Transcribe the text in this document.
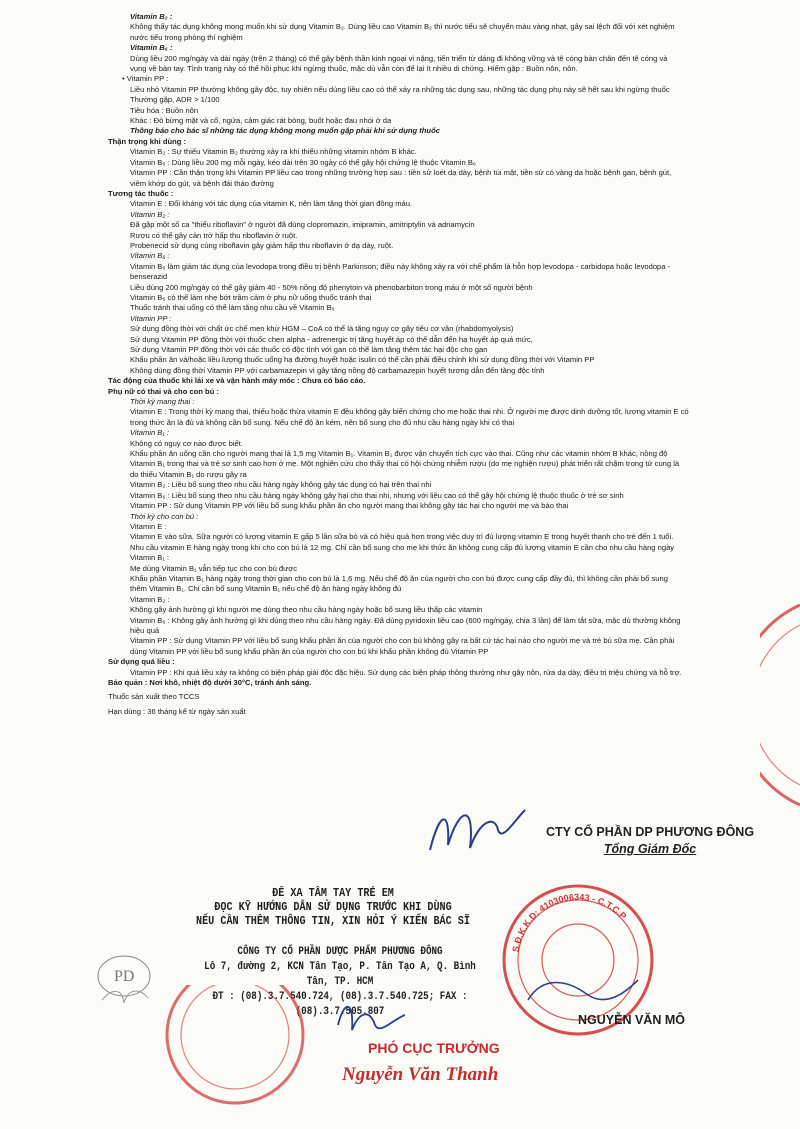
Vitamin B₂ :

Không thấy tác dụng không mong muốn khi sử dụng Vitamin B₂. Dùng liều cao Vitamin B₂ thì nước tiểu sẽ chuyển màu vàng nhạt, gây sai lệch đối với xét nghiệm

nước tiểu trong phòng thí nghiệm

Vitamin B₆ :

Dùng liều 200 mg/ngày và dài ngày (trên 2 tháng) có thể gây bệnh thần kinh ngoại vi nặng, tiến triển từ dáng đi không vững và tê cóng bàn chân đến tê cóng và

vụng về bàn tay. Tình trạng này có thể hồi phục khi ngừng thuốc, mặc dù vẫn còn để lại ít nhiều di chứng. Hiếm gặp : Buồn nôn, nôn.

• Vitamin PP :

Liều nhỏ Vitamin PP thường không gây độc, tuy nhiên nếu dùng liều cao có thể xảy ra những tác dụng sau, những tác dụng phụ này sẽ hết sau khi ngừng thuốc

Thường gặp, ADR > 1/100

Tiêu hóa : Buồn nôn

Khác : Đỏ bừng mặt và cổ, ngứa, cảm giác rát bỏng, buốt hoặc đau nhói ở da

Thông báo cho bác sĩ những tác dụng không mong muốn gặp phải khi sử dụng thuốc

Thận trọng khi dùng :

Vitamin B₂ : Sự thiếu Vitamin B₂ thường xảy ra khi thiếu những vitamin nhóm B khác.

Vitamin B₆ : Dùng liều 200 mg mỗi ngày, kéo dài trên 30 ngày có thể gây hội chứng lệ thuộc Vitamin B₆

Vitamin PP : Cần thận trọng khi Vitamin PP liều cao trong những trường hợp sau : tiền sử loét dạ dày, bệnh túi mật, tiền sử có vàng da hoặc bệnh gan, bệnh gút,

viêm khớp do gút, và bệnh đái tháo đường

Tương tác thuốc :

Vitamin E : Đối kháng với tác dụng của vitamin K, nên làm tăng thời gian đông máu.

Vitamin B₂ :

Đã gặp một số ca "thiếu riboflavin" ở người đã dùng clopromazin, imipramin, amitriptylin và adriamycin

Rượu có thể gây cản trở hấp thu riboflavin ở ruột.

Probenecid sử dụng cùng riboflavin gây giảm hấp thu riboflavin ở dạ dày, ruột.

Vitamin B₆ :

Vitamin B₆ làm giảm tác dụng của levodopa trong điều trị bệnh Parkinson; điều này không xảy ra với chế phẩm là hỗn hợp levodopa - carbidopa hoặc levodopa -

benserazid

Liều dùng 200 mg/ngày có thể gây giảm 40 - 50% nồng độ phenytoin và phenobarbiton trong máu ở một số người bệnh

Vitamin B₆ có thể làm nhẹ bớt trầm cảm ở phụ nữ uống thuốc tránh thai

Thuốc tránh thai uống có thể làm tăng nhu cầu về Vitamin B₆

Vitamin PP :

Sử dụng đồng thời với chất ức chế men khử HGM – CoA có thể là tăng nguy cơ gây tiêu cơ vân (rhabdomyolysis)

Sử dụng Vitamin PP đồng thời với thuốc chẹn alpha - adrenergic trị tăng huyết áp có thể dẫn đến hạ huyết áp quá mức,

Sử dụng Vitamin PP đồng thời với các thuốc có độc tính với gan có thể làm tăng thêm tác hại độc cho gan

Khẩu phần ăn và/hoặc liều lượng thuốc uống hạ đường huyết hoặc isulin có thể cần phải điều chỉnh khi sử dụng đồng thời với Vitamin PP

Không dùng đồng thời Vitamin PP với carbamazepin vì gây tăng nồng độ carbamazepin huyết tương dẫn đến tăng độc tính

Tác động của thuốc khi lái xe và vận hành máy móc : Chưa có báo cáo.

Phụ nữ có thai và cho con bú :

Thời kỳ mang thai :

Vitamin E : Trong thời kỳ mang thai, thiếu hoặc thừa vitamin E đều không gây biến chứng cho mẹ hoặc thai nhi. Ở người mẹ được dinh dưỡng tốt, lượng vitamin E có

trong thức ăn là đủ và không cần bổ sung. Nếu chế độ ăn kém, nên bổ sung cho đủ nhu cầu hàng ngày khi có thai

Vitamin B₁ :

Không có nguy cơ nào được biết.

Khẩu phần ăn uống cần cho người mang thai là 1,5 mg Vitamin B₁. Vitamin B₁ được vận chuyển tích cực vào thai. Cũng như các vitamin nhóm B khác, nồng độ

Vitamin B₁ trong thai và trẻ sơ sinh cao hơn ở mẹ. Một nghiên cứu cho thấy thai có hội chứng nhiễm rượu (do mẹ nghiện rượu) phát triển rất chậm trong tử cung là

do thiếu Vitamin B₁ do rượu gây ra

Vitamin B₂ : Liều bổ sung theo nhu cầu hàng ngày không gây tác dụng có hại trên thai nhi

Vitamin B₆ : Liều bổ sung theo nhu cầu hàng ngày không gây hại cho thai nhi, nhưng với liều cao có thể gây hội chứng lệ thuộc thuốc ở trẻ sơ sinh

Vitamin PP : Sử dụng Vitamin PP với liều bổ sung khẩu phần ăn cho người mang thai không gây tác hại cho người mẹ và bào thai

Thời kỳ cho con bú :

Vitamin E :

Vitamin E vào sữa. Sữa người có lượng vitamin E gấp 5 lần sữa bò và có hiệu quả hơn trong việc duy trì đủ lượng vitamin E trong huyết thanh cho trẻ đến 1 tuổi.

Nhu cầu vitamin E hàng ngày trong khi cho con bú là 12 mg. Chỉ cần bổ sung cho mẹ khi thức ăn không cung cấp đủ lượng vitamin E cần cho nhu cầu hàng ngày

Vitamin B₁ :

Mẹ dùng Vitamin B₁ vẫn tiếp tục cho con bú được

Khẩu phần Vitamin B₁ hàng ngày trong thời gian cho con bú là 1,6 mg. Nếu chế độ ăn của người cho con bú được cung cấp đầy đủ, thì không cần phải bổ sung

thêm Vitamin B₁. Chỉ cần bổ sung Vitamin B₁ nếu chế độ ăn hàng ngày không đủ

Vitamin B₂ :

Không gây ảnh hưởng gì khi người mẹ dùng theo nhu cầu hàng ngày hoặc bổ sung liều thấp các vitamin

Vitamin B₆ : Không gây ảnh hưởng gì khi dùng theo nhu cầu hàng ngày. Đã dùng pyridoxin liều cao (600 mg/ngày, chia 3 lần) để làm tắt sữa, mặc dù thường không

hiệu quả

Vitamin PP : Sử dụng Vitamin PP với liều bổ sung khẩu phần ăn của người cho con bú không gây ra bất cứ tác hại nào cho người mẹ và trẻ bú sữa mẹ. Cần phải

dùng Vitamin PP với liều bổ sung khẩu phần ăn của người cho con bú khi khẩu phần không đủ Vitamin PP

Sử dụng quá liều :

Vitamin PP : Khi quá liều xảy ra không có biện pháp giải độc đặc hiệu. Sử dụng các biện pháp thông thường như gây nôn, rửa dạ dày, điều trị triệu chứng và hỗ trợ.

Bảo quản : Nơi khô, nhiệt độ dưới 30°C, tránh ánh sáng.

Thuốc sản xuất theo TCCS

Hạn dùng : 36 tháng kể từ ngày sản xuất

CTY CỔ PHẦN DP PHƯƠNG ĐÔNG
Tổng Giám Đốc
ĐỂ XA TẦM TAY TRẺ EM
ĐỌC KỸ HƯỚNG DẪN SỬ DỤNG TRƯỚC KHI DÙNG
NẾU CẦN THÊM THÔNG TIN, XIN HỎI Ý KIẾN BÁC SĨ
PD
CÔNG TY CỔ PHẦN DƯỢC PHẨM PHƯƠNG ĐÔNG
Lô 7, đường 2, KCN Tân Tạo, P. Tân Tạo A, Q. Bình Tân, TP. HCM
ĐT : (08).3.7.540.724, (08).3.7.540.725; FAX : (08).3.7.505.807
S.Đ.K.K.D: 4103006343 - C.T.C.P
NGUYỄN VĂN MÔ
PHÓ CỤC TRƯỞNG
Nguyễn Văn Thanh
